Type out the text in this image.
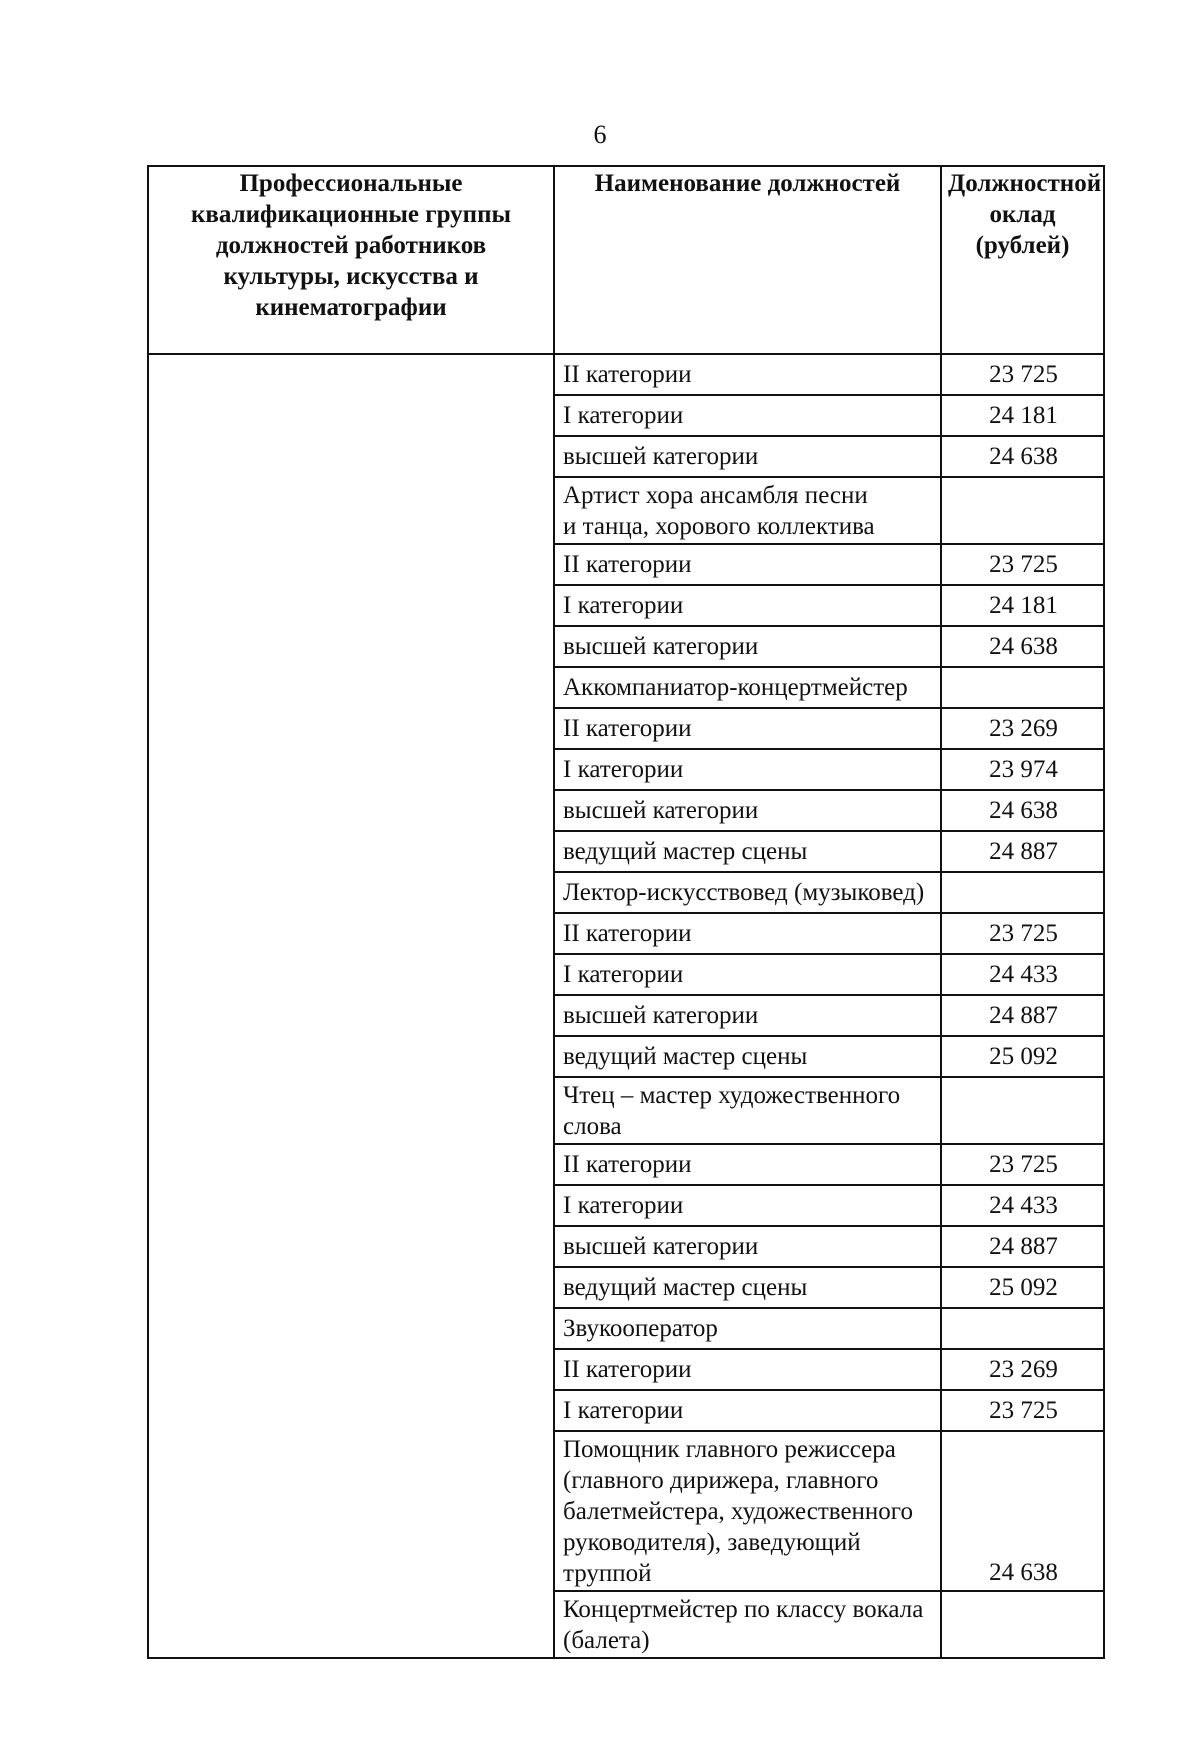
6
Профессиональные квалификационные группы должностей работников культуры, искусства и кинематографии	Наименование должностей	Должностной оклад (рублей)

	II категории	23 725

	I категории	24 181

	высшей категории	24 638

	Артист хора ансамбля песни
и танца, хорового коллектива	

	II категории	23 725

	I категории	24 181

	высшей категории	24 638

	Аккомпаниатор-концертмейстер	

	II категории	23 269

	I категории	23 974

	высшей категории	24 638

	ведущий мастер сцены	24 887

	Лектор-искусствовед (музыковед)	

	II категории	23 725

	I категории	24 433

	высшей категории	24 887

	ведущий мастер сцены	25 092

	Чтец – мастер художественного
слова	

	II категории	23 725

	I категории	24 433

	высшей категории	24 887

	ведущий мастер сцены	25 092

	Звукооператор	

	II категории	23 269

	I категории	23 725

	Помощник главного режиссера
(главного дирижера, главного
балетмейстера, художественного
руководителя), заведующий труппой	24 638

	Концертмейстер по классу вокала
(балета)	
